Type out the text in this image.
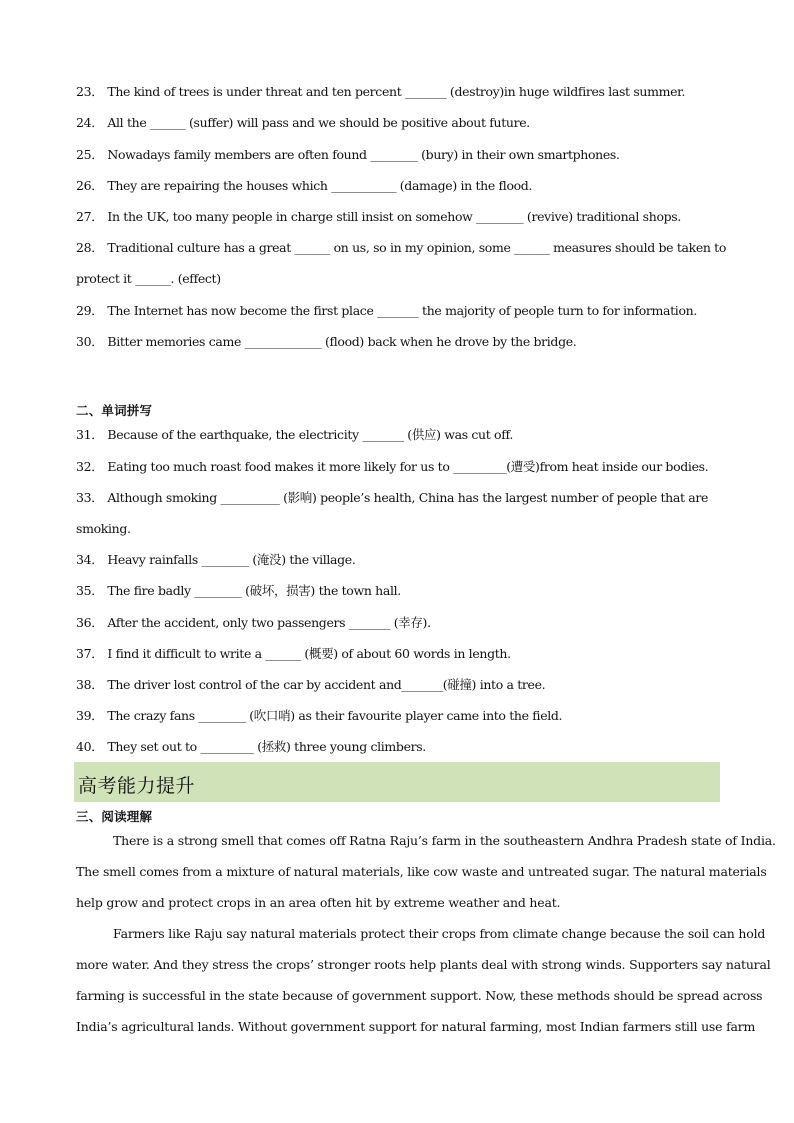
23． The kind of trees is under threat and ten percent _______ (destroy)in huge wildfires last summer.
24． All the ______ (suffer) will pass and we should be positive about future.
25． Nowadays family members are often found ________ (bury) in their own smartphones.
26． They are repairing the houses which ___________ (damage) in the flood.
27． In the UK, too many people in charge still insist on somehow ________ (revive) traditional shops.
28． Traditional culture has a great ______ on us, so in my opinion, some ______ measures should be taken to
protect it ______. (effect)
29． The Internet has now become the first place _______ the majority of people turn to for information.
30． Bitter memories came _____________ (flood) back when he drove by the bridge.
二、单词拼写
31． Because of the earthquake, the electricity _______ (供应) was cut off.
32． Eating too much roast food makes it more likely for us to _________(遭受)from heat inside our bodies.
33． Although smoking __________ (影响) people’s health, China has the largest number of people that are
smoking.
34． Heavy rainfalls ________ (淹没) the village.
35． The fire badly ________ (破坏，损害) the town hall.
36． After the accident, only two passengers _______ (幸存).
37． I find it difficult to write a ______ (概要) of about 60 words in length.
38． The driver lost control of the car by accident and_______(碰撞) into a tree.
39． The crazy fans ________ (吹口哨) as their favourite player came into the field.
40． They set out to _________ (拯救) three young climbers.
高考能力提升
三、阅读理解
There is a strong smell that comes off Ratna Raju’s farm in the southeastern Andhra Pradesh state of India.
The smell comes from a mixture of natural materials, like cow waste and untreated sugar. The natural materials
help grow and protect crops in an area often hit by extreme weather and heat.
Farmers like Raju say natural materials protect their crops from climate change because the soil can hold
more water. And they stress the crops’ stronger roots help plants deal with strong winds. Supporters say natural
farming is successful in the state because of government support. Now, these methods should be spread across
India’s agricultural lands. Without government support for natural farming, most Indian farmers still use farm
